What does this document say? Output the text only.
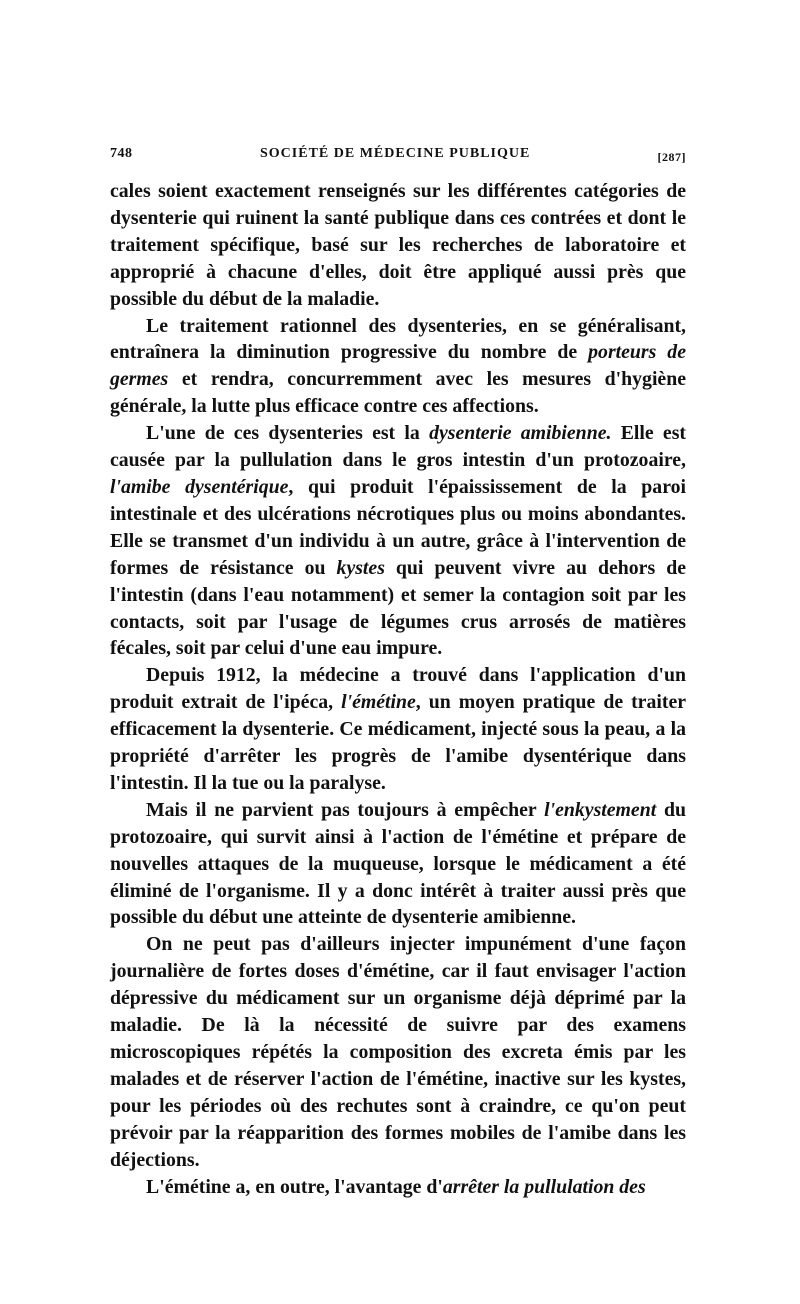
748	SOCIÉTÉ DE MÉDECINE PUBLIQUE	[287]

cales soient exactement renseignés sur les différentes catégories de dysenterie qui ruinent la santé publique dans ces contrées et dont le traitement spécifique, basé sur les recherches de laboratoire et approprié à chacune d'elles, doit être appliqué aussi près que possible du début de la maladie.

Le traitement rationnel des dysenteries, en se généralisant, entraînera la diminution progressive du nombre de porteurs de germes et rendra, concurremment avec les mesures d'hygiène générale, la lutte plus efficace contre ces affections.

L'une de ces dysenteries est la dysenterie amibienne. Elle est causée par la pullulation dans le gros intestin d'un protozoaire, l'amibe dysentérique, qui produit l'épaississement de la paroi intestinale et des ulcérations nécrotiques plus ou moins abondantes. Elle se transmet d'un individu à un autre, grâce à l'intervention de formes de résistance ou kystes qui peuvent vivre au dehors de l'intestin (dans l'eau notamment) et semer la contagion soit par les contacts, soit par l'usage de légumes crus arrosés de matières fécales, soit par celui d'une eau impure.

Depuis 1912, la médecine a trouvé dans l'application d'un produit extrait de l'ipéca, l'émétine, un moyen pratique de traiter efficacement la dysenterie. Ce médicament, injecté sous la peau, a la propriété d'arrêter les progrès de l'amibe dysentérique dans l'intestin. Il la tue ou la paralyse.

Mais il ne parvient pas toujours à empêcher l'enkystement du protozoaire, qui survit ainsi à l'action de l'émétine et prépare de nouvelles attaques de la muqueuse, lorsque le médicament a été éliminé de l'organisme. Il y a donc intérêt à traiter aussi près que possible du début une atteinte de dysenterie amibienne.

On ne peut pas d'ailleurs injecter impunément d'une façon journalière de fortes doses d'émétine, car il faut envisager l'action dépressive du médicament sur un organisme déjà déprimé par la maladie. De là la nécessité de suivre par des examens microscopiques répétés la composition des excreta émis par les malades et de réserver l'action de l'émétine, inactive sur les kystes, pour les périodes où des rechutes sont à craindre, ce qu'on peut prévoir par la réapparition des formes mobiles de l'amibe dans les déjections.

L'émétine a, en outre, l'avantage d'arrêter la pullulation des
